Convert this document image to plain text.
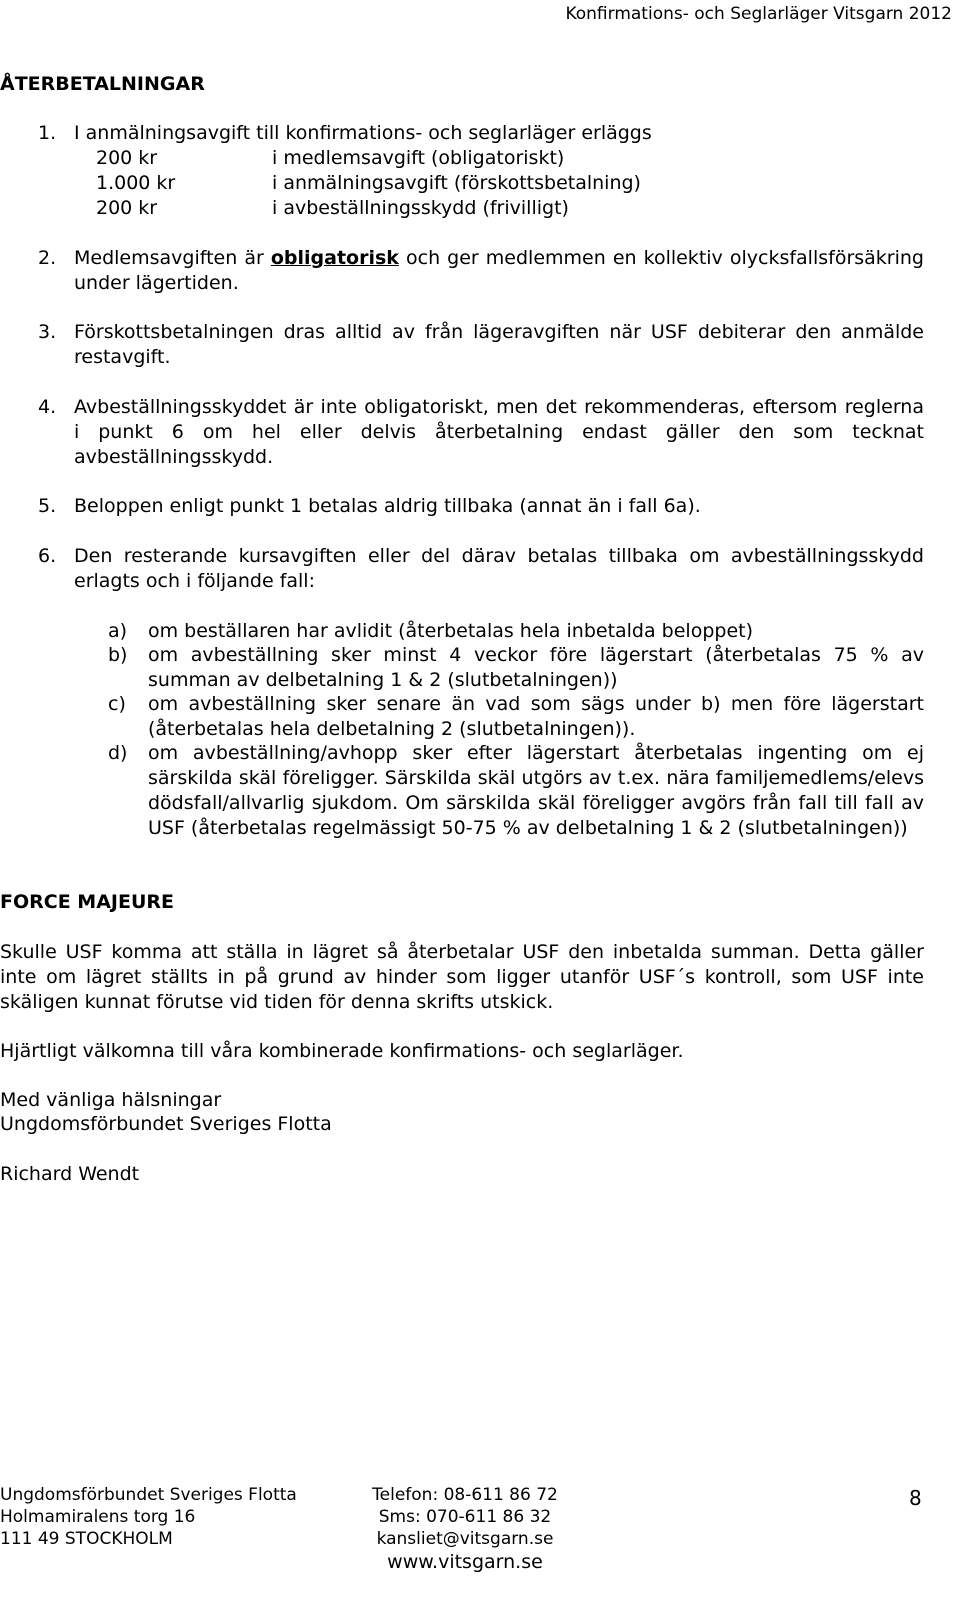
Konfirmations- och Seglarläger Vitsgarn 2012
ÅTERBETALNINGAR
1. I anmälningsavgift till konfirmations- och seglarläger erläggs
200 kr	i medlemsavgift (obligatoriskt)
1.000 kr	i anmälningsavgift (förskottsbetalning)
200 kr	i avbeställningsskydd (frivilligt)
2. Medlemsavgiften är obligatorisk och ger medlemmen en kollektiv olycksfallsförsäkring under lägertiden.
3. Förskottsbetalningen dras alltid av från lägeravgiften när USF debiterar den anmälde restavgift.
4. Avbeställningsskyddet är inte obligatoriskt, men det rekommenderas, eftersom reglerna i punkt 6 om hel eller delvis återbetalning endast gäller den som tecknat avbeställningsskydd.
5. Beloppen enligt punkt 1 betalas aldrig tillbaka (annat än i fall 6a).
6. Den resterande kursavgiften eller del därav betalas tillbaka om avbeställningsskydd erlagts och i följande fall:
a) om beställaren har avlidit (återbetalas hela inbetalda beloppet)
b) om avbeställning sker minst 4 veckor före lägerstart (återbetalas 75 % av summan av delbetalning 1 & 2 (slutbetalningen))
c) om avbeställning sker senare än vad som sägs under b) men före lägerstart (återbetalas hela delbetalning 2 (slutbetalningen)).
d) om avbeställning/avhopp sker efter lägerstart återbetalas ingenting om ej särskilda skäl föreligger. Särskilda skäl utgörs av t.ex. nära familjemedlems/elevs dödsfall/allvarlig sjukdom. Om särskilda skäl föreligger avgörs från fall till fall av USF (återbetalas regelmässigt 50-75 % av delbetalning 1 & 2 (slutbetalningen))
FORCE MAJEURE
Skulle USF komma att ställa in lägret så återbetalar USF den inbetalda summan. Detta gäller inte om lägret ställts in på grund av hinder som ligger utanför USF´s kontroll, som USF inte skäligen kunnat förutse vid tiden för denna skrifts utskick.
Hjärtligt välkomna till våra kombinerade konfirmations- och seglarläger.
Med vänliga hälsningar
Ungdomsförbundet Sveriges Flotta
Richard Wendt
Ungdomsförbundet Sveriges Flotta
Holmamiralens torg 16
111 49 STOCKHOLM
Telefon: 08-611 86 72
Sms: 070-611 86 32
kansliet@vitsgarn.se
www.vitsgarn.se
8
